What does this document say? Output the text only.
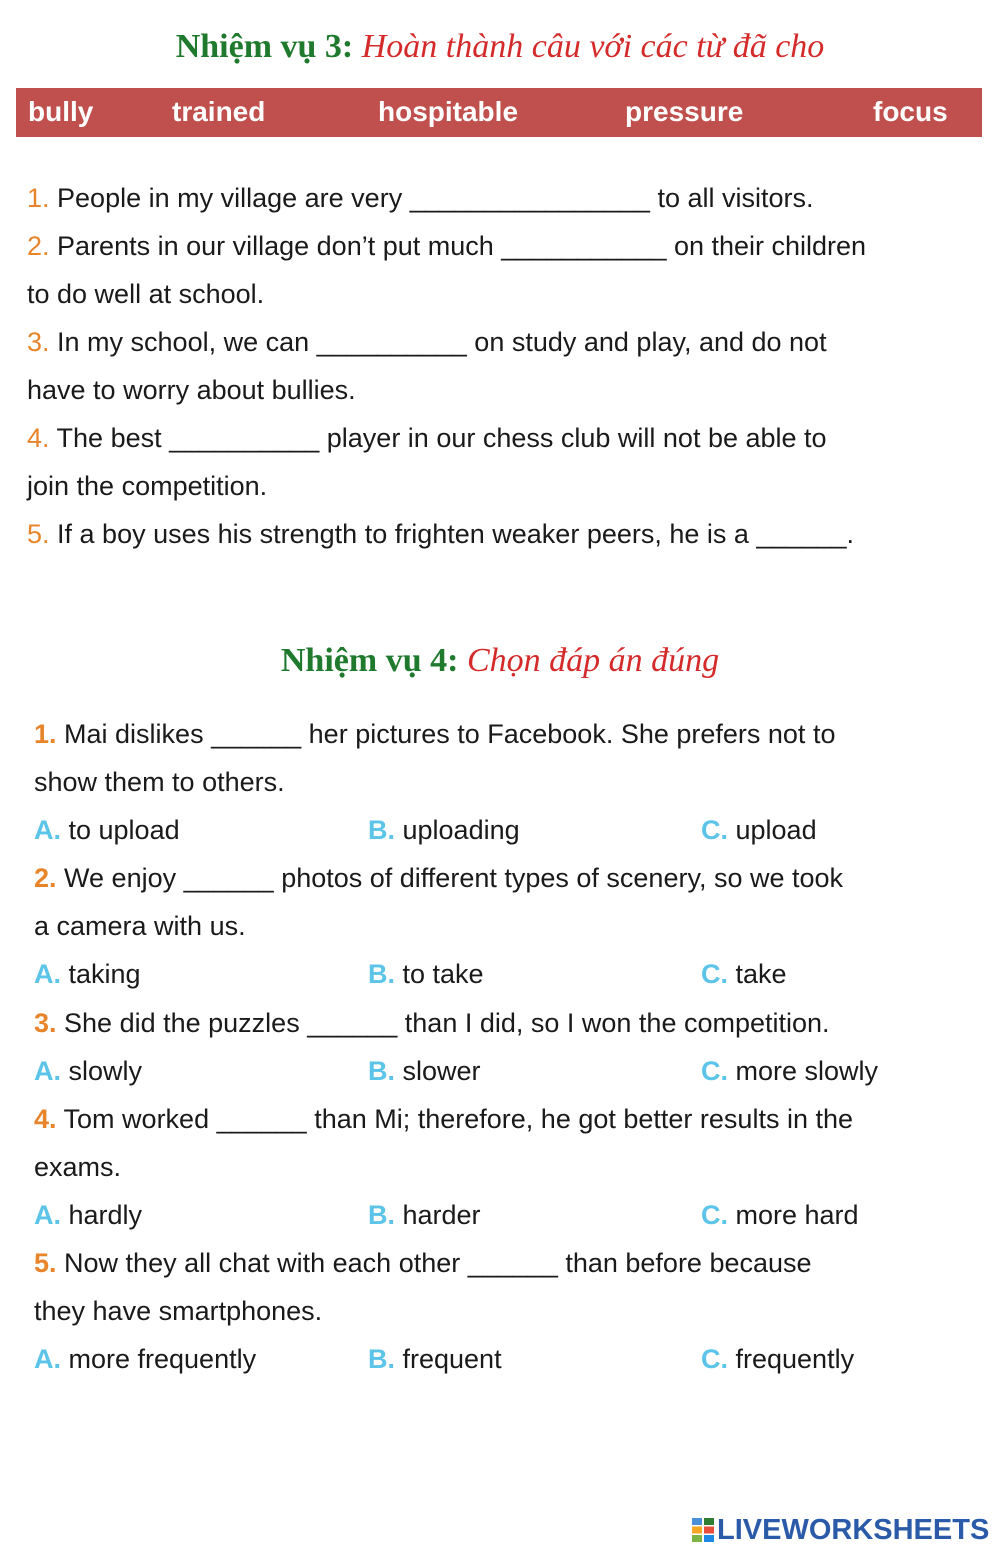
Nhiệm vụ 3: Hoàn thành câu với các từ đã cho
bully	trained	hospitable	pressure	focus
1. People in my village are very ________________ to all visitors.
2. Parents in our village don’t put much ___________ on their children
to do well at school.
3. In my school, we can __________ on study and play, and do not
have to worry about bullies.
4. The best __________ player in our chess club will not be able to
join the competition.
5. If a boy uses his strength to frighten weaker peers, he is a ______.
Nhiệm vụ 4: Chọn đáp án đúng
1. Mai dislikes ______ her pictures to Facebook. She prefers not to
show them to others.
A. to upload	B. uploading	C. upload
2. We enjoy ______ photos of different types of scenery, so we took
a camera with us.
A. taking	B. to take	C. take
3. She did the puzzles ______ than I did, so I won the competition.
A. slowly	B. slower	C. more slowly
4. Tom worked ______ than Mi; therefore, he got better results in the
exams.
A. hardly	B. harder	C. more hard
5. Now they all chat with each other ______ than before because
they have smartphones.
A. more frequently	B. frequent	C. frequently
LIVEWORKSHEETS
